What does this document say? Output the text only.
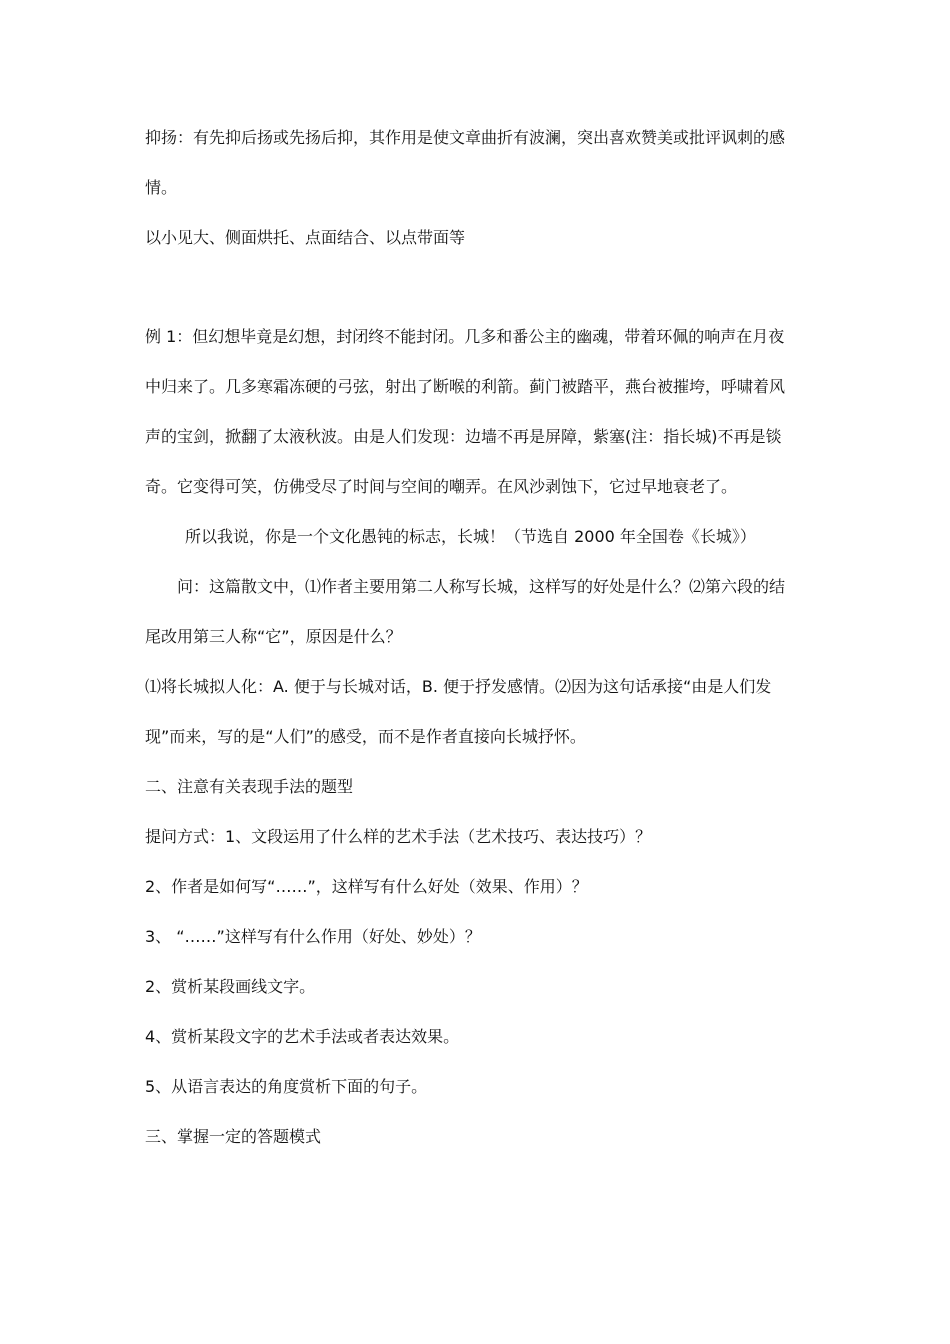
抑扬：有先抑后扬或先扬后抑，其作用是使文章曲折有波澜，突出喜欢赞美或批评讽刺的感
情。
以小见大、侧面烘托、点面结合、以点带面等
例 1：但幻想毕竟是幻想，封闭终不能封闭。几多和番公主的幽魂，带着环佩的响声在月夜
中归来了。几多寒霜冻硬的弓弦，射出了断喉的利箭。蓟门被踏平，燕台被摧垮，呼啸着风
声的宝剑，掀翻了太液秋波。由是人们发现：边墙不再是屏障，紫塞(注：指长城)不再是锬
奇。它变得可笑，仿佛受尽了时间与空间的嘲弄。在风沙剥蚀下，它过早地衰老了。
所以我说，你是一个文化愚钝的标志，长城！（节选自 2000 年全国卷《长城》）
问：这篇散文中，⑴作者主要用第二人称写长城，这样写的好处是什么？⑵第六段的结
尾改用第三人称“它”，原因是什么？
⑴将长城拟人化：A. 便于与长城对话，B. 便于抒发感情。⑵因为这句话承接“由是人们发
现”而来，写的是“人们”的感受，而不是作者直接向长城抒怀。
二、注意有关表现手法的题型
提问方式：1、文段运用了什么样的艺术手法（艺术技巧、表达技巧）？
2、作者是如何写“……”，这样写有什么好处（效果、作用）？
3、 “……”这样写有什么作用（好处、妙处）？
2、赏析某段画线文字。
4、赏析某段文字的艺术手法或者表达效果。
5、从语言表达的角度赏析下面的句子。
三、掌握一定的答题模式
